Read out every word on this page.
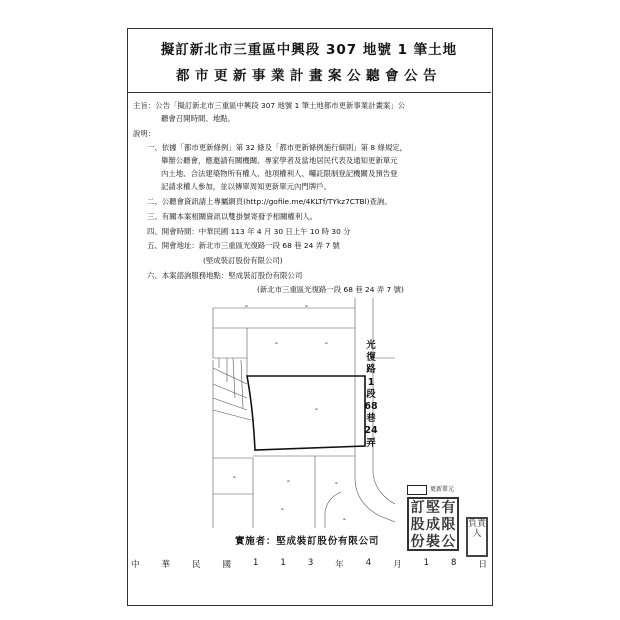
擬訂新北市三重區中興段 307 地號 1 筆土地
都市更新事業計畫案公聽會公告
主旨：公告「擬訂新北市三重區中興段 307 地號 1 筆土地都市更新事業計畫案」公
聽會召開時間、地點。
說明：
一、依據「都市更新條例」第 32 條及「都市更新條例施行細則」第 8 條規定，
舉辦公聽會，應邀請有關機關、專家學者及當地居民代表及通知更新單元
內土地、合法建築物所有權人、他項權利人、囑託限制登記機關及預告登
記請求權人參加，並以傳單周知更新單元內門牌戶。
二、公聽會資訊請上專屬網頁(http://gofile.me/4KLTf/TYkz7CTBl)查詢。
三、有關本案相關資訊以雙掛號寄發予相關權利人。
四、開會時間：中華民國 113 年 4 月 30 日上午 10 時 30 分
五、開會地址：新北市三重區光復路一段 68 巷 24 弄 7 號
(堅成裝訂股份有限公司)
六、本案諮詢服務地點：堅成裝訂股份有限公司
(新北市三重區光復路一段 68 巷 24 弄 7 號)
▬	▬
▬	▬
▬
▬
▬	▬
▬
▬
光復路1段68巷24弄
更新單元
訂 堅 有
股 成 限
份 裝 公
負責人
實施者：堅成裝訂股份有限公司
中	華	民	國	1	1	3	年	4	月	1	8	日
